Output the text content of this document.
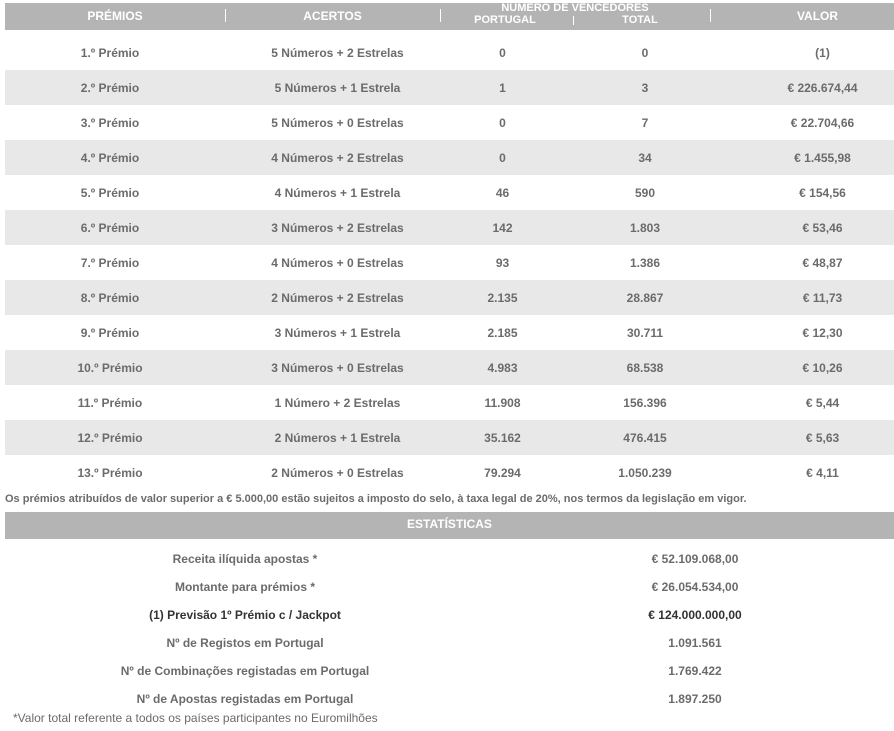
PRÉMIOS	ACERTOS
NÚMERO DE VENCEDORES
PORTUGAL	TOTAL	VALOR
1.º Prémio	5 Números + 2 Estrelas	0	0	(1)
2.º Prémio	5 Números + 1 Estrela	1	3	€ 226.674,44
3.º Prémio	5 Números + 0 Estrelas	0	7	€ 22.704,66
4.º Prémio	4 Números + 2 Estrelas	0	34	€ 1.455,98
5.º Prémio	4 Números + 1 Estrela	46	590	€ 154,56
6.º Prémio	3 Números + 2 Estrelas	142	1.803	€ 53,46
7.º Prémio	4 Números + 0 Estrelas	93	1.386	€ 48,87
8.º Prémio	2 Números + 2 Estrelas	2.135	28.867	€ 11,73
9.º Prémio	3 Números + 1 Estrela	2.185	30.711	€ 12,30
10.º Prémio	3 Números + 0 Estrelas	4.983	68.538	€ 10,26
11.º Prémio	1 Número + 2 Estrelas	11.908	156.396	€ 5,44
12.º Prémio	2 Números + 1 Estrela	35.162	476.415	€ 5,63
13.º Prémio	2 Números + 0 Estrelas	79.294	1.050.239	€ 4,11
Os prémios atribuídos de valor superior a € 5.000,00 estão sujeitos a imposto do selo, à taxa legal de 20%, nos termos da legislação em vigor.
ESTATÍSTICAS
Receita ilíquida apostas *	€ 52.109.068,00
Montante para prémios *	€ 26.054.534,00
(1) Previsão 1º Prémio c / Jackpot	€ 124.000.000,00
Nº de Registos em Portugal	1.091.561
Nº de Combinações registadas em Portugal	1.769.422
Nº de Apostas registadas em Portugal	1.897.250
*Valor total referente a todos os países participantes no Euromilhões
